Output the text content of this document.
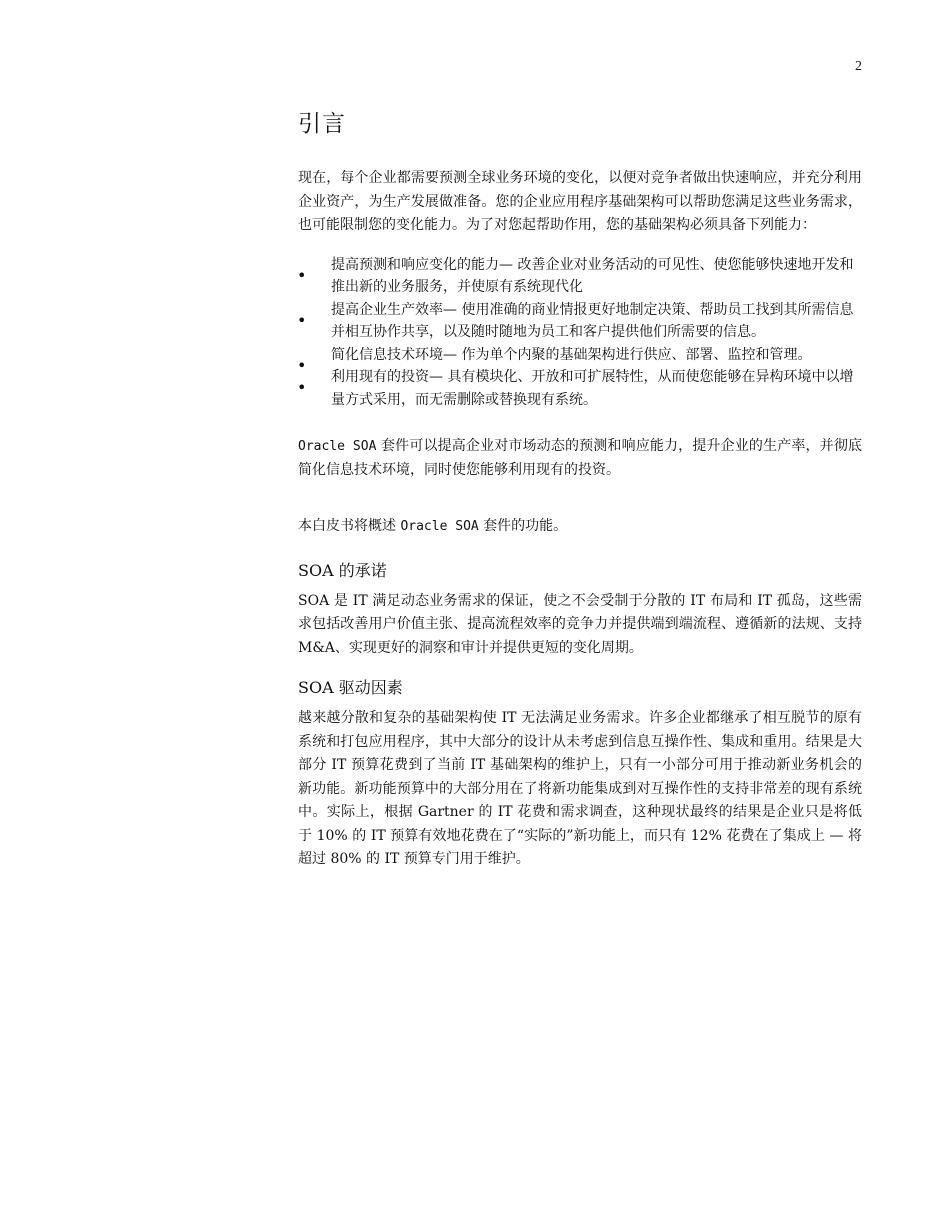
2
引言

现在，每个企业都需要预测全球业务环境的变化，以便对竞争者做出快速响应，并充分利用企业资产，为生产发展做准备。您的企业应用程序基础架构可以帮助您满足这些业务需求，也可能限制您的变化能力。为了对您起帮助作用，您的基础架构必须具备下列能力：

•
提高预测和响应变化的能力— 改善企业对业务活动的可见性、使您能够快速地开发和推出新的业务服务，并使原有系统现代化
•
提高企业生产效率— 使用准确的商业情报更好地制定决策、帮助员工找到其所需信息并相互协作共享，以及随时随地为员工和客户提供他们所需要的信息。
•
简化信息技术环境— 作为单个内聚的基础架构进行供应、部署、监控和管理。
•
利用现有的投资— 具有模块化、开放和可扩展特性，从而使您能够在异构环境中以增量方式采用，而无需删除或替换现有系统。

Oracle SOA 套件可以提高企业对市场动态的预测和响应能力，提升企业的生产率，并彻底简化信息技术环境，同时使您能够利用现有的投资。

本白皮书将概述 Oracle SOA 套件的功能。

SOA 的承诺

SOA 是 IT 满足动态业务需求的保证，使之不会受制于分散的 IT 布局和 IT 孤岛，这些需求包括改善用户价值主张、提高流程效率的竞争力并提供端到端流程、遵循新的法规、支持 M&A、实现更好的洞察和审计并提供更短的变化周期。

SOA 驱动因素

越来越分散和复杂的基础架构使 IT 无法满足业务需求。许多企业都继承了相互脱节的原有系统和打包应用程序，其中大部分的设计从未考虑到信息互操作性、集成和重用。结果是大部分 IT 预算花费到了当前 IT 基础架构的维护上，只有一小部分可用于推动新业务机会的新功能。新功能预算中的大部分用在了将新功能集成到对互操作性的支持非常差的现有系统中。实际上，根据 Gartner 的 IT 花费和需求调查，这种现状最终的结果是企业只是将低于 10% 的 IT 预算有效地花费在了“实际的”新功能上，而只有 12% 花费在了集成上 — 将超过 80% 的 IT 预算专门用于维护。
